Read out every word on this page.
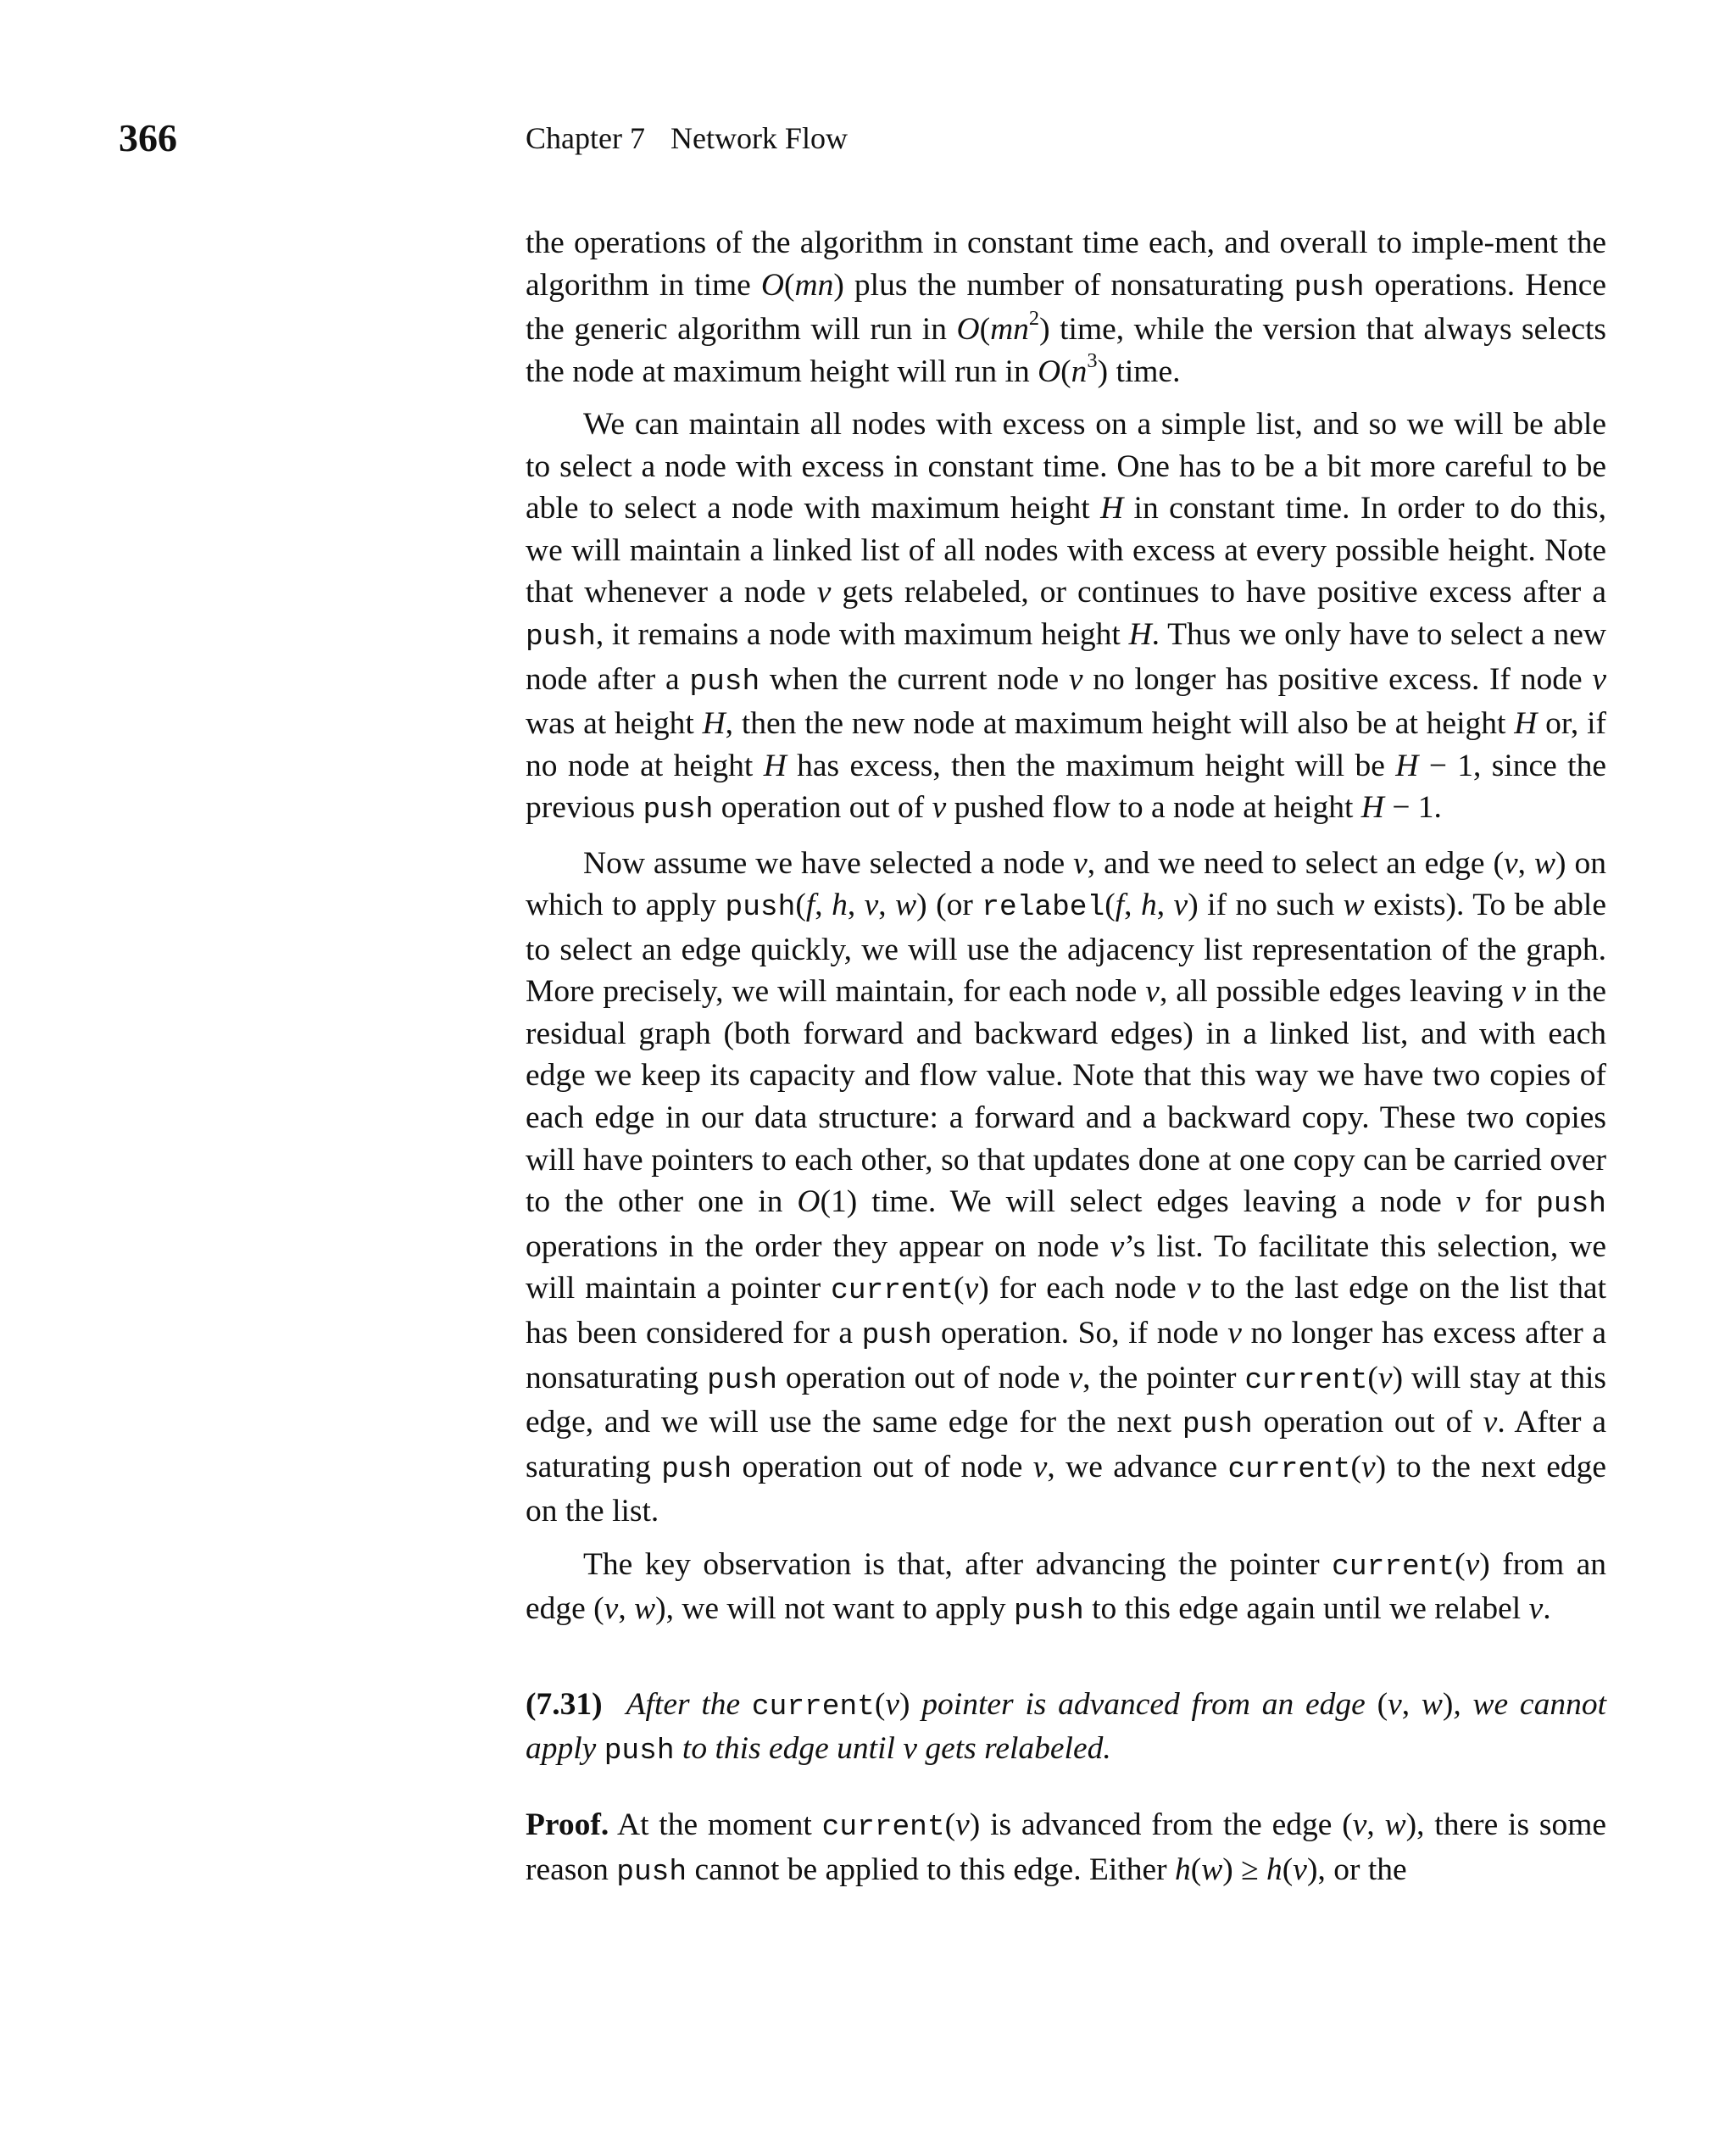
366	Chapter 7 Network Flow

the operations of the algorithm in constant time each, and overall to imple-ment the algorithm in time O(mn) plus the number of nonsaturating push operations. Hence the generic algorithm will run in $O(mn^2)$ time, while the version that always selects the node at maximum height will run in $O(n^3)$ time.

We can maintain all nodes with excess on a simple list, and so we will be able to select a node with excess in constant time. One has to be a bit more careful to be able to select a node with maximum height H in constant time. In order to do this, we will maintain a linked list of all nodes with excess at every possible height. Note that whenever a node v gets relabeled, or continues to have positive excess after a push, it remains a node with maximum height H. Thus we only have to select a new node after a push when the current node v no longer has positive excess. If node v was at height H, then the new node at maximum height will also be at height H or, if no node at height H has excess, then the maximum height will be H − 1, since the previous push operation out of v pushed flow to a node at height H − 1.

Now assume we have selected a node v, and we need to select an edge (v, w) on which to apply push(f, h, v, w) (or relabel(f, h, v) if no such w exists). To be able to select an edge quickly, we will use the adjacency list representation of the graph. More precisely, we will maintain, for each node v, all possible edges leaving v in the residual graph (both forward and backward edges) in a linked list, and with each edge we keep its capacity and flow value. Note that this way we have two copies of each edge in our data structure: a forward and a backward copy. These two copies will have pointers to each other, so that updates done at one copy can be carried over to the other one in O(1) time. We will select edges leaving a node v for push operations in the order they appear on node v’s list. To facilitate this selection, we will maintain a pointer current(v) for each node v to the last edge on the list that has been considered for a push operation. So, if node v no longer has excess after a nonsaturating push operation out of node v, the pointer current(v) will stay at this edge, and we will use the same edge for the next push operation out of v. After a saturating push operation out of node v, we advance current(v) to the next edge on the list.

The key observation is that, after advancing the pointer current(v) from an edge (v, w), we will not want to apply push to this edge again until we relabel v.

(7.31) After the current(v) pointer is advanced from an edge (v, w), we cannot apply push to this edge until v gets relabeled.

Proof. At the moment current(v) is advanced from the edge (v, w), there is some reason push cannot be applied to this edge. Either h(w) ≥ h(v), or the
